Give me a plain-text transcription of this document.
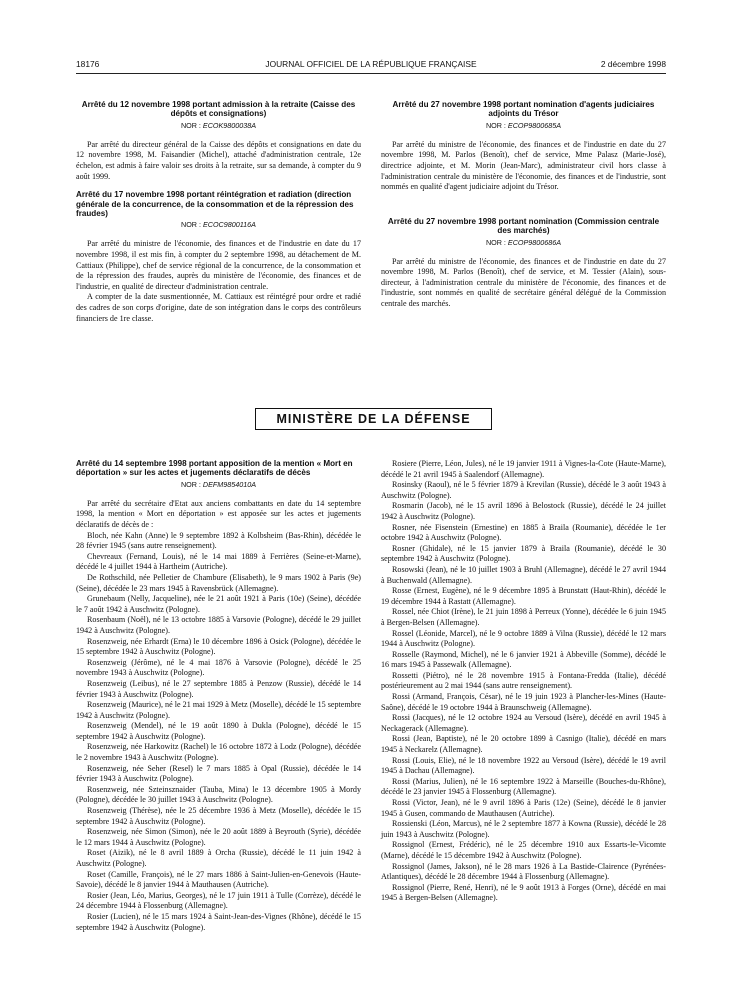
18176	JOURNAL OFFICIEL DE LA RÉPUBLIQUE FRANÇAISE	2 décembre 1998
Arrêté du 12 novembre 1998 portant admission à la retraite (Caisse des dépôts et consignations)
NOR : ECOK9800038A

Par arrêté du directeur général de la Caisse des dépôts et consignations en date du 12 novembre 1998, M. Faisandier (Michel), attaché d'administration centrale, 12e échelon, est admis à faire valoir ses droits à la retraite, sur sa demande, à compter du 9 août 1999.

Arrêté du 17 novembre 1998 portant réintégration et radiation (direction générale de la concurrence, de la consommation et de la répression des fraudes)
NOR : ECOC9800116A

Par arrêté du ministre de l'économie, des finances et de l'industrie en date du 17 novembre 1998, il est mis fin, à compter du 2 septembre 1998, au détachement de M. Cattiaux (Philippe), chef de service régional de la concurrence, de la consommation et de la répression des fraudes, auprès du ministère de l'économie, des finances et de l'industrie, en qualité de directeur d'administration centrale.

A compter de la date susmentionnée, M. Cattiaux est réintégré pour ordre et radié des cadres de son corps d'origine, date de son intégration dans le corps des contrôleurs financiers de 1re classe.

Arrêté du 27 novembre 1998 portant nomination d'agents judiciaires adjoints du Trésor
NOR : ECOP9800685A

Par arrêté du ministre de l'économie, des finances et de l'industrie en date du 27 novembre 1998, M. Parlos (Benoît), chef de service, Mme Palasz (Marie-José), directrice adjointe, et M. Morin (Jean-Marc), administrateur civil hors classe à l'administration centrale du ministère de l'économie, des finances et de l'industrie, sont nommés en qualité d'agent judiciaire adjoint du Trésor.

Arrêté du 27 novembre 1998 portant nomination (Commission centrale des marchés)
NOR : ECOP9800686A

Par arrêté du ministre de l'économie, des finances et de l'industrie en date du 27 novembre 1998, M. Parlos (Benoît), chef de service, et M. Tessier (Alain), sous-directeur, à l'administration centrale du ministère de l'économie, des finances et de l'industrie, sont nommés en qualité de secrétaire général délégué de la Commission centrale des marchés.

MINISTÈRE DE LA DÉFENSE
Arrêté du 14 septembre 1998 portant apposition de la mention « Mort en déportation » sur les actes et jugements déclaratifs de décès
NOR : DEFM9854010A

Par arrêté du secrétaire d'Etat aux anciens combattants en date du 14 septembre 1998, la mention « Mort en déportation » est apposée sur les actes et jugements déclaratifs de décès de :

Bloch, née Kahn (Anne) le 9 septembre 1892 à Kolbsheim (Bas-Rhin), décédée le 28 février 1945 (sans autre renseignement).

Chevreaux (Fernand, Louis), né le 14 mai 1889 à Ferrières (Seine-et-Marne), décédé le 4 juillet 1944 à Hartheim (Autriche).

De Rothschild, née Pelletier de Chambure (Elisabeth), le 9 mars 1902 à Paris (9e) (Seine), décédée le 23 mars 1945 à Ravensbrück (Allemagne).

Grunebaum (Nelly, Jacqueline), née le 21 août 1921 à Paris (10e) (Seine), décédée le 7 août 1942 à Auschwitz (Pologne).

Rosenbaum (Noël), né le 13 octobre 1885 à Varsovie (Pologne), décédé le 29 juillet 1942 à Auschwitz (Pologne).

Rosenzweig, née Erhardt (Erna) le 10 décembre 1896 à Osick (Pologne), décédée le 15 septembre 1942 à Auschwitz (Pologne).

Rosenzweig (Jérôme), né le 4 mai 1876 à Varsovie (Pologne), décédé le 25 novembre 1943 à Auschwitz (Pologne).

Rosenzweig (Leibus), né le 27 septembre 1885 à Penzow (Russie), décédé le 14 février 1943 à Auschwitz (Pologne).

Rosenzweig (Maurice), né le 21 mai 1929 à Metz (Moselle), décédé le 15 septembre 1942 à Auschwitz (Pologne).

Rosenzweig (Mendel), né le 19 août 1890 à Dukla (Pologne), décédé le 15 septembre 1942 à Auschwitz (Pologne).

Rosenzweig, née Harkowitz (Rachel) le 16 octobre 1872 à Lodz (Pologne), décédée le 2 novembre 1943 à Auschwitz (Pologne).

Rosenzweig, née Seher (Resel) le 7 mars 1885 à Opal (Russie), décédée le 14 février 1943 à Auschwitz (Pologne).

Rosenzweig, née Szteinsznaider (Tauba, Mina) le 13 décembre 1905 à Mordy (Pologne), décédée le 30 juillet 1943 à Auschwitz (Pologne).

Rosenzweig (Thérèse), née le 25 décembre 1936 à Metz (Moselle), décédée le 15 septembre 1942 à Auschwitz (Pologne).

Rosenzweig, née Simon (Simon), née le 20 août 1889 à Beyrouth (Syrie), décédée le 12 mars 1944 à Auschwitz (Pologne).

Roset (Aizik), né le 8 avril 1889 à Orcha (Russie), décédé le 11 juin 1942 à Auschwitz (Pologne).

Roset (Camille, François), né le 27 mars 1886 à Saint-Julien-en-Genevois (Haute-Savoie), décédé le 8 janvier 1944 à Mauthausen (Autriche).

Rosier (Jean, Léo, Marius, Georges), né le 17 juin 1911 à Tulle (Corrèze), décédé le 24 décembre 1944 à Flossenburg (Allemagne).

Rosier (Lucien), né le 15 mars 1924 à Saint-Jean-des-Vignes (Rhône), décédé le 15 septembre 1942 à Auschwitz (Pologne).

Rosiere (Pierre, Léon, Jules), né le 19 janvier 1911 à Vignes-la-Cote (Haute-Marne), décédé le 21 avril 1945 à Saalendorf (Allemagne).

Rosinsky (Raoul), né le 5 février 1879 à Krevilan (Russie), décédé le 3 août 1943 à Auschwitz (Pologne).

Rosmarin (Jacob), né le 15 avril 1896 à Belostock (Russie), décédé le 24 juillet 1942 à Auschwitz (Pologne).

Rosner, née Fisenstein (Ernestine) en 1885 à Braila (Roumanie), décédée le 1er octobre 1942 à Auschwitz (Pologne).

Rosner (Ghidale), né le 15 janvier 1879 à Braila (Roumanie), décédé le 30 septembre 1942 à Auschwitz (Pologne).

Rosowski (Jean), né le 10 juillet 1903 à Bruhl (Allemagne), décédé le 27 avril 1944 à Buchenwald (Allemagne).

Rosse (Ernest, Eugène), né le 9 décembre 1895 à Brunstatt (Haut-Rhin), décédé le 19 décembre 1944 à Rastatt (Allemagne).

Rossel, née Chiot (Irène), le 21 juin 1898 à Perreux (Yonne), décédée le 6 juin 1945 à Bergen-Belsen (Allemagne).

Rossel (Léonide, Marcel), né le 9 octobre 1889 à Vilna (Russie), décédé le 12 mars 1944 à Auschwitz (Pologne).

Rosselle (Raymond, Michel), né le 6 janvier 1921 à Abbeville (Somme), décédé le 16 mars 1945 à Passewalk (Allemagne).

Rossetti (Piétro), né le 28 novembre 1915 à Fontana-Fredda (Italie), décédé postérieurement au 2 mai 1944 (sans autre renseignement).

Rossi (Armand, François, César), né le 19 juin 1923 à Plancher-les-Mines (Haute-Saône), décédé le 19 octobre 1944 à Braunschweig (Allemagne).

Rossi (Jacques), né le 12 octobre 1924 au Versoud (Isère), décédé en avril 1945 à Neckagerack (Allemagne).

Rossi (Jean, Baptiste), né le 20 octobre 1899 à Casnigo (Italie), décédé en mars 1945 à Neckarelz (Allemagne).

Rossi (Louis, Elie), né le 18 novembre 1922 au Versoud (Isère), décédé le 19 avril 1945 à Dachau (Allemagne).

Rossi (Marius, Julien), né le 16 septembre 1922 à Marseille (Bouches-du-Rhône), décédé le 23 janvier 1945 à Flossenburg (Allemagne).

Rossi (Victor, Jean), né le 9 avril 1896 à Paris (12e) (Seine), décédé le 8 janvier 1945 à Gusen, commando de Mauthausen (Autriche).

Rossienski (Léon, Marcus), né le 2 septembre 1877 à Kowna (Russie), décédé le 28 juin 1943 à Auschwitz (Pologne).

Rossignol (Ernest, Frédéric), né le 25 décembre 1910 aux Essarts-le-Vicomte (Marne), décédé le 15 décembre 1942 à Auschwitz (Pologne).

Rossignol (James, Jakson), né le 28 mars 1926 à La Bastide-Clairence (Pyrénées-Atlantiques), décédé le 28 décembre 1944 à Flossenburg (Allemagne).

Rossignol (Pierre, René, Henri), né le 9 août 1913 à Forges (Orne), décédé en mai 1945 à Bergen-Belsen (Allemagne).
